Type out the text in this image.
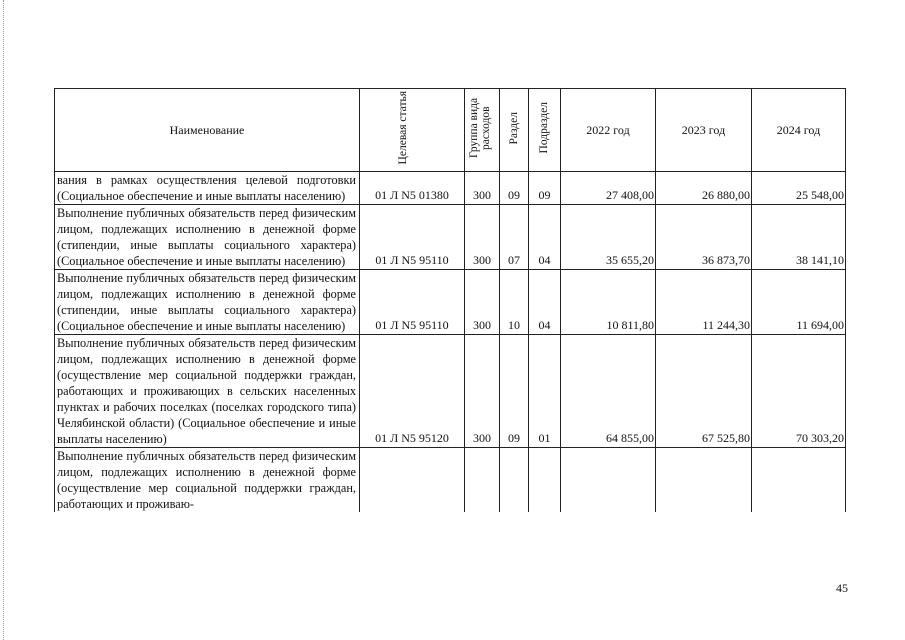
Наименование	Целевая статья	Группа вида расходов	Раздел	Подраздел	2022 год	2023 год	2024 год
вания в рамках осуществления целевой подготовки (Социальное обеспечение и иные выплаты населению)	01 Л N5 01380	300	09	09	27 408,00	26 880,00	25 548,00
Выполнение публичных обязательств перед физическим лицом, подлежащих исполнению в денежной форме (стипендии, иные выплаты социального характера) (Социальное обеспечение и иные выплаты населению)	01 Л N5 95110	300	07	04	35 655,20	36 873,70	38 141,10
Выполнение публичных обязательств перед физическим лицом, подлежащих исполнению в денежной форме (стипендии, иные выплаты социального характера) (Социальное обеспечение и иные выплаты населению)	01 Л N5 95110	300	10	04	10 811,80	11 244,30	11 694,00
Выполнение публичных обязательств перед физическим лицом, подлежащих исполнению в денежной форме (осуществление мер социальной поддержки граждан, работающих и проживающих в сельских населенных пунктах и рабочих поселках (поселках городского типа) Челябинской области) (Социальное обеспечение и иные выплаты населению)	01 Л N5 95120	300	09	01	64 855,00	67 525,80	70 303,20
Выполнение публичных обязательств перед физическим лицом, подлежащих исполнению в денежной форме (осуществление мер социальной поддержки граждан, работающих и проживаю-							
45
